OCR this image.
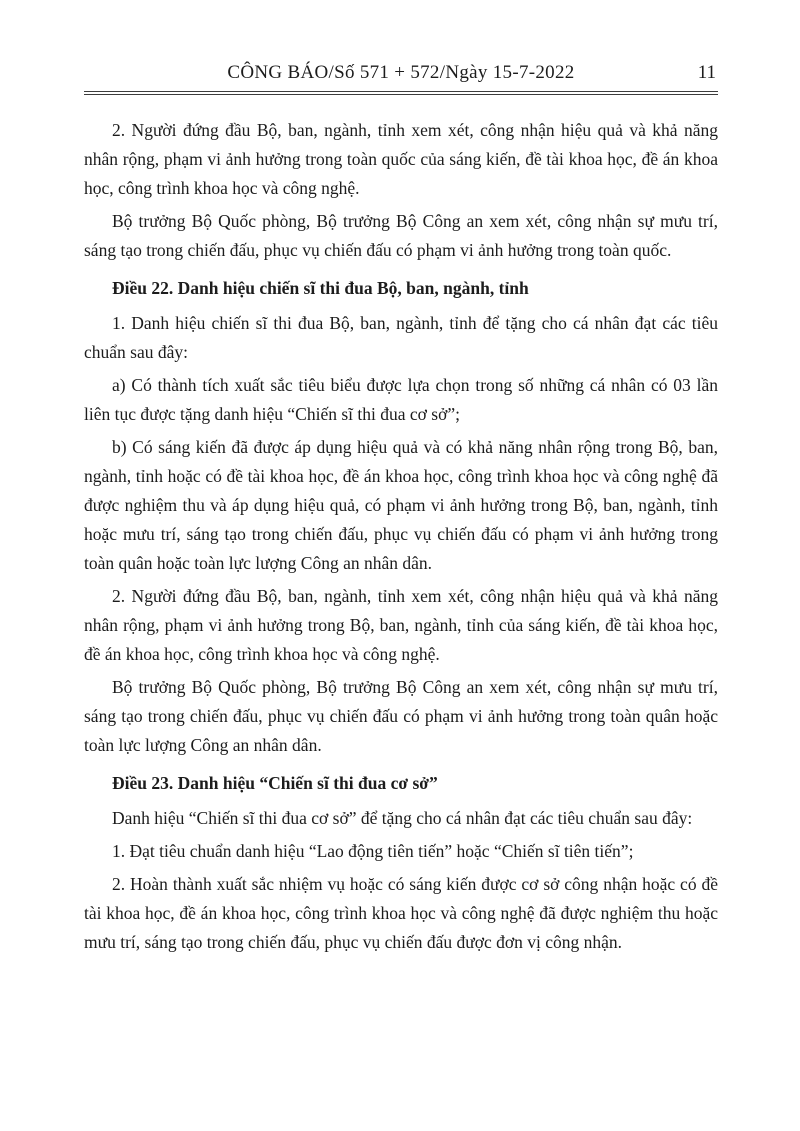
CÔNG BÁO/Số 571 + 572/Ngày 15-7-2022	11

2. Người đứng đầu Bộ, ban, ngành, tỉnh xem xét, công nhận hiệu quả và khả năng nhân rộng, phạm vi ảnh hưởng trong toàn quốc của sáng kiến, đề tài khoa học, đề án khoa học, công trình khoa học và công nghệ.

Bộ trưởng Bộ Quốc phòng, Bộ trưởng Bộ Công an xem xét, công nhận sự mưu trí, sáng tạo trong chiến đấu, phục vụ chiến đấu có phạm vi ảnh hưởng trong toàn quốc.

Điều 22. Danh hiệu chiến sĩ thi đua Bộ, ban, ngành, tỉnh

1. Danh hiệu chiến sĩ thi đua Bộ, ban, ngành, tỉnh để tặng cho cá nhân đạt các tiêu chuẩn sau đây:

a) Có thành tích xuất sắc tiêu biểu được lựa chọn trong số những cá nhân có 03 lần liên tục được tặng danh hiệu “Chiến sĩ thi đua cơ sở”;

b) Có sáng kiến đã được áp dụng hiệu quả và có khả năng nhân rộng trong Bộ, ban, ngành, tỉnh hoặc có đề tài khoa học, đề án khoa học, công trình khoa học và công nghệ đã được nghiệm thu và áp dụng hiệu quả, có phạm vi ảnh hưởng trong Bộ, ban, ngành, tỉnh hoặc mưu trí, sáng tạo trong chiến đấu, phục vụ chiến đấu có phạm vi ảnh hưởng trong toàn quân hoặc toàn lực lượng Công an nhân dân.

2. Người đứng đầu Bộ, ban, ngành, tỉnh xem xét, công nhận hiệu quả và khả năng nhân rộng, phạm vi ảnh hưởng trong Bộ, ban, ngành, tỉnh của sáng kiến, đề tài khoa học, đề án khoa học, công trình khoa học và công nghệ.

Bộ trưởng Bộ Quốc phòng, Bộ trưởng Bộ Công an xem xét, công nhận sự mưu trí, sáng tạo trong chiến đấu, phục vụ chiến đấu có phạm vi ảnh hưởng trong toàn quân hoặc toàn lực lượng Công an nhân dân.

Điều 23. Danh hiệu “Chiến sĩ thi đua cơ sở”

Danh hiệu “Chiến sĩ thi đua cơ sở” để tặng cho cá nhân đạt các tiêu chuẩn sau đây:

1. Đạt tiêu chuẩn danh hiệu “Lao động tiên tiến” hoặc “Chiến sĩ tiên tiến”;

2. Hoàn thành xuất sắc nhiệm vụ hoặc có sáng kiến được cơ sở công nhận hoặc có đề tài khoa học, đề án khoa học, công trình khoa học và công nghệ đã được nghiệm thu hoặc mưu trí, sáng tạo trong chiến đấu, phục vụ chiến đấu được đơn vị công nhận.
